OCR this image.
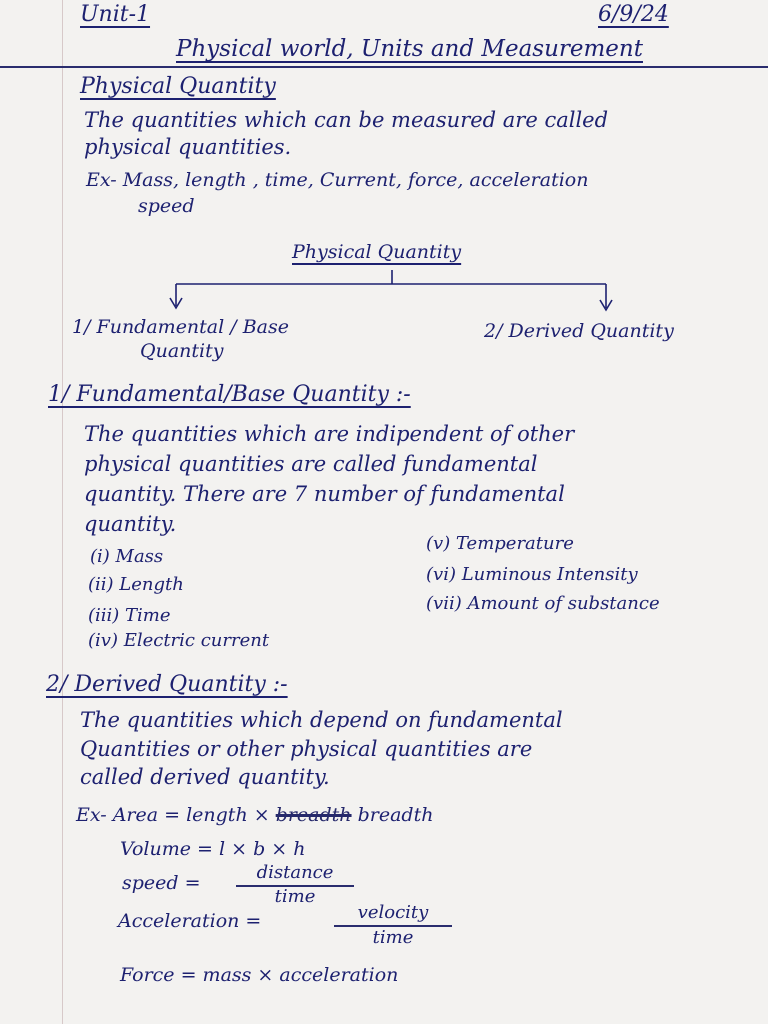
Unit-1	6/9/24
Physical world, Units and Measurement
Physical Quantity
The quantities which can be measured are called
physical quantities.
Ex- Mass, length , time, Current, force, acceleration
speed
Physical Quantity
1/ Fundamental / Base
Quantity
2/ Derived Quantity
1/ Fundamental/Base Quantity :-
The quantities which are indipendent of other
physical quantities are called fundamental
quantity. There are 7 number of fundamental
quantity.
(i) Mass
(ii) Length
(iii) Time
(iv) Electric current
(v) Temperature
(vi) Luminous Intensity
(vii) Amount of substance
2/ Derived Quantity :-
The quantities which depend on fundamental
Quantities or other physical quantities are
called derived quantity.
Ex- Area = length × breadth breadth
Volume = l × b × h
speed =	distance
time
Acceleration =	velocity
time
Force = mass × acceleration
